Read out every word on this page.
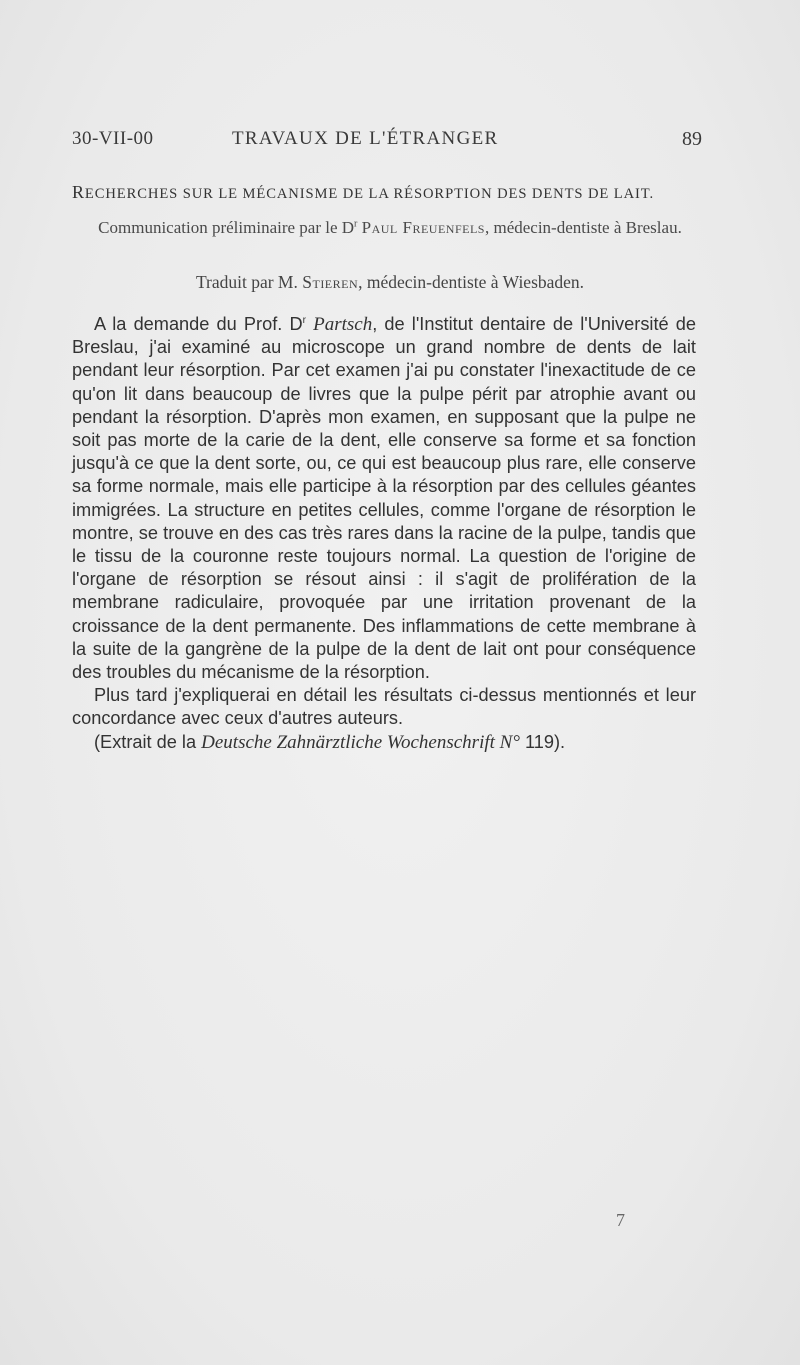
30-VII-00	TRAVAUX DE L'ÉTRANGER	89
RECHERCHES SUR LE MÉCANISME DE LA RÉSORPTION DES DENTS DE LAIT.
Communication préliminaire par le $D^r$ Paul Freuenfels, médecin-dentiste à Breslau.
Traduit par M. Stieren, médecin-dentiste à Wiesbaden.

A la demande du Prof. $D^r$ Partsch, de l'Institut dentaire de l'Université de Breslau, j'ai examiné au microscope un grand nombre de dents de lait pendant leur résorption. Par cet examen j'ai pu constater l'inexactitude de ce qu'on lit dans beaucoup de livres que la pulpe périt par atrophie avant ou pendant la résorption. D'après mon examen, en supposant que la pulpe ne soit pas morte de la carie de la dent, elle conserve sa forme et sa fonction jusqu'à ce que la dent sorte, ou, ce qui est beaucoup plus rare, elle conserve sa forme normale, mais elle participe à la résorption par des cellules géantes immigrées. La structure en petites cellules, comme l'organe de résorption le montre, se trouve en des cas très rares dans la racine de la pulpe, tandis que le tissu de la couronne reste toujours normal. La question de l'origine de l'organe de résorption se résout ainsi : il s'agit de prolifération de la membrane radiculaire, provoquée par une irritation provenant de la croissance de la dent permanente. Des inflammations de cette membrane à la suite de la gangrène de la pulpe de la dent de lait ont pour conséquence des troubles du mécanisme de la résorption.

Plus tard j'expliquerai en détail les résultats ci-dessus mentionnés et leur concordance avec ceux d'autres auteurs.

(Extrait de la Deutsche Zahnärztliche Wochenschrift N° 119).

7
